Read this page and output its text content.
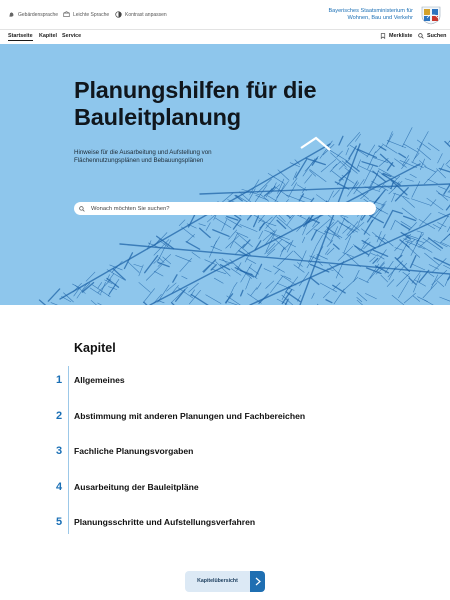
Gebärdensprache	Leichte Sprache	Kontrast anpassen
Bayerisches Staatsministerium für
Wohnen, Bau und Verkehr
Startseite Kapitel Service	Merkliste	Suchen
Planungshilfen für die
Bauleitplanung
Hinweise für die Ausarbeitung und Aufstellung von
Flächennutzungsplänen und Bebauungsplänen
Wonach möchten Sie suchen?
Kapitel
1 Allgemeines
2 Abstimmung mit anderen Planungen und Fachbereichen
3 Fachliche Planungsvorgaben
4 Ausarbeitung der Bauleitpläne
5 Planungsschritte und Aufstellungsverfahren
Kapitelübersicht
